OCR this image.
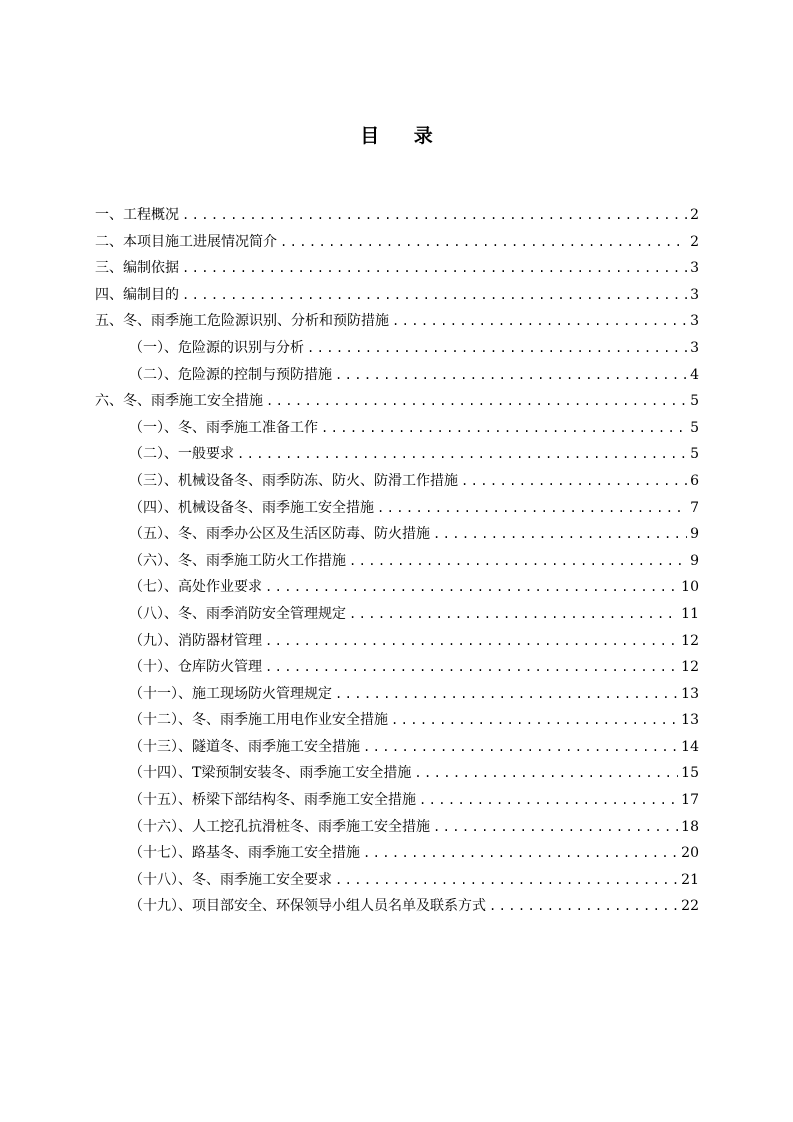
目 录
一、工程概况 .....	2
二、本项目施工进展情况简介 .....	2
三、编制依据 .....	3
四、编制目的 .....	3
五、冬、雨季施工危险源识别、分析和预防措施 .....	3
（一）、危险源的识别与分析 .....	3
（二）、危险源的控制与预防措施 .....	4
六、冬、雨季施工安全措施 .....	5
（一）、冬、雨季施工准备工作 .....	5
（二）、一般要求 .....	5
（三）、机械设备冬、雨季防冻、防火、防滑工作措施 .....	6
（四）、机械设备冬、雨季施工安全措施 .....	7
（五）、冬、雨季办公区及生活区防毒、防火措施 .....	9
（六）、冬、雨季施工防火工作措施 .....	9
（七）、高处作业要求 .....	10
（八）、冬、雨季消防安全管理规定 .....	11
（九）、消防器材管理 .....	12
（十）、仓库防火管理 .....	12
（十一）、施工现场防火管理规定 .....	13
（十二）、冬、雨季施工用电作业安全措施 .....	13
（十三）、隧道冬、雨季施工安全措施 .....	14
（十四）、T梁预制安装冬、雨季施工安全措施 .....	15
（十五）、桥梁下部结构冬、雨季施工安全措施 .....	17
（十六）、人工挖孔抗滑桩冬、雨季施工安全措施 .....	18
（十七）、路基冬、雨季施工安全措施 .....	20
（十八）、冬、雨季施工安全要求 .....	21
（十九）、项目部安全、环保领导小组人员名单及联系方式 .....	22
